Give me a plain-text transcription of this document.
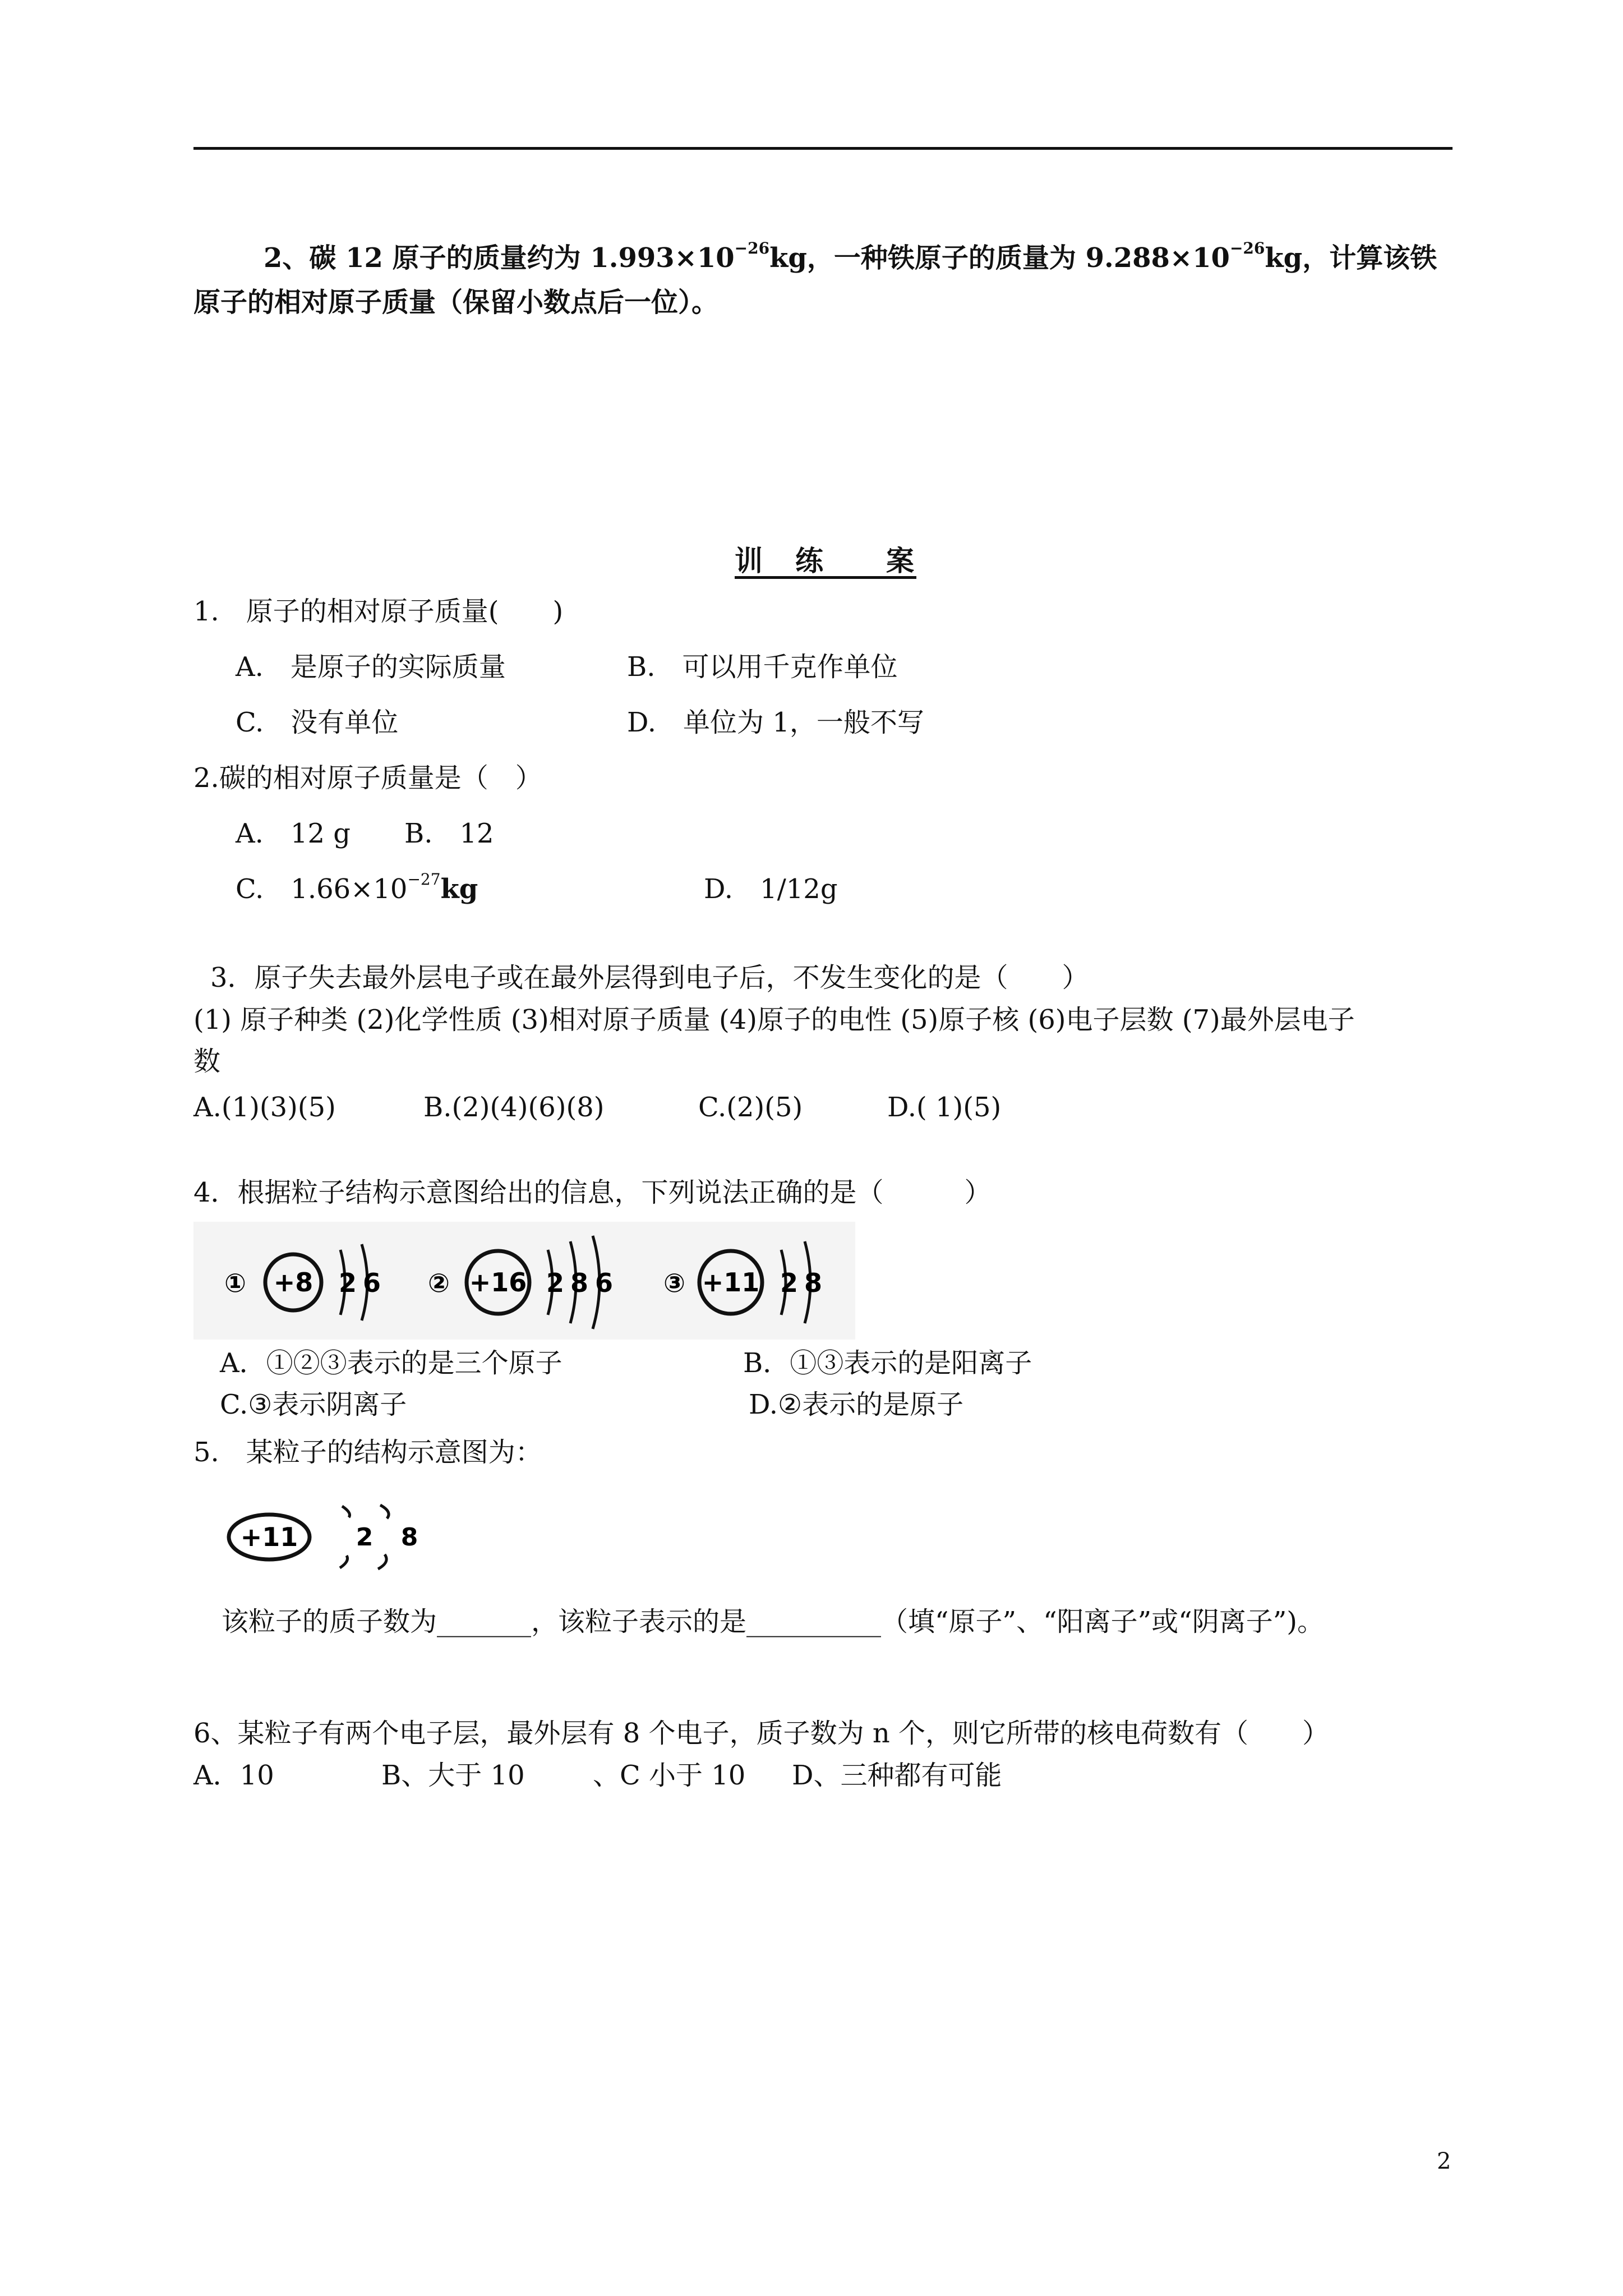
2、碳 12 原子的质量约为 $1.993\times 10^{-26}kg$，一种铁原子的质量为 $9.288\times 10^{-26}kg$，计算该铁
原子的相对原子质量（保留小数点后一位）。
训　练　　案
1.　原子的相对原子质量(　　)
A.　是原子的实际质量	B.　可以用千克作单位
C.　没有单位	D.　单位为 1，一般不写
2.碳的相对原子质量是（　）
A.　12 g　　B.　12
C.　$1.66\times 10^{-27}kg$	D.　1/12g
3．原子失去最外层电子或在最外层得到电子后，不发生变化的是（　　）
(1) 原子种类 (2)化学性质 (3)相对原子质量 (4)原子的电性 (5)原子核 (6)电子层数 (7)最外层电子
数
A.(1)(3)(5)	B.(2)(4)(6)(8)	C.(2)(5)	D.( 1)(5)
4．根据粒子结构示意图给出的信息，下列说法正确的是（　　　）
① +8 2 6 ② +16 2 8 6 ③ +11 2 8
A．①②③表示的是三个原子	B．①③表示的是阳离子
C.③表示阴离子	D.②表示的是原子
5.　某粒子的结构示意图为：
+11 2 8
该粒子的质子数为_______，该粒子表示的是__________（填“原子”、“阳离子”或“阴离子”)。
6、某粒子有两个电子层，最外层有 8 个电子，质子数为 n 个，则它所带的核电荷数有（　　）
A．10	B、大于 10	、C 小于 10 D、三种都有可能
2
